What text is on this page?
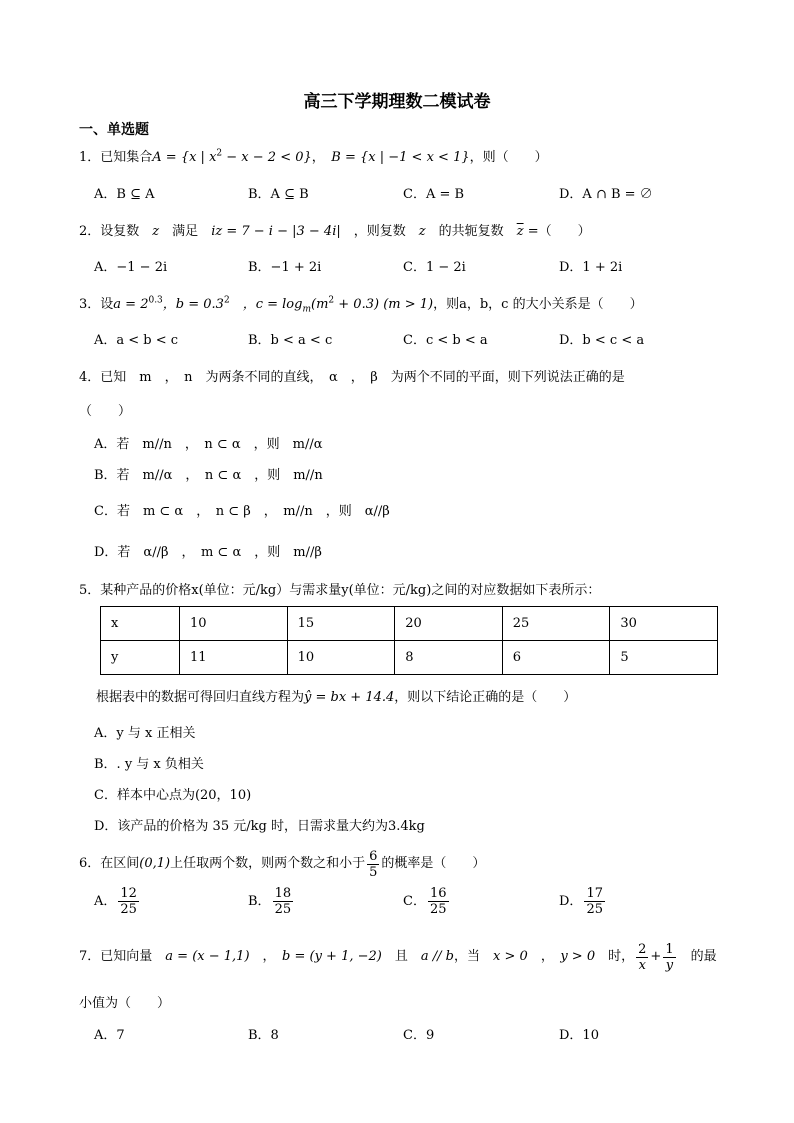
高三下学期理数二模试卷
一、单选题
1．已知集合A = {x | $x^2 - x - 2 < 0$}，　 B = {x | −1 < x < 1}，则（　　）
A．B ⊆ A	B．A ⊆ B	C．A = B	D．A ∩ B = ∅
2．设复数　 z　 满足　 iz = 7 − i − |3 − 4i|　 ，则复数　 z　 的共轭复数　 $\overline{z}$ =（　　）
A．−1 − 2i	B．−1 + 2i	C．1 − 2i	D．1 + 2i
3．设$a = 2^{0.3}$，$b = 0.3^2$　 ，$c = \log_m(m^2 + 0.3) (m > 1)$，则a，b，c 的大小关系是（　　）
A．a < b < c	B．b < a < c	C．c < b < a	D．b < c < a
4．已知　m　，　n　为两条不同的直线，　α　，　β　为两个不同的平面，则下列说法正确的是
（　　）
A．若　m//n　，　n ⊂ α　，则　m//α
B．若　m//α　，　n ⊂ α　，则　m//n
C．若　m ⊂ α　，　n ⊂ β　，　m//n　，则　α//β
D．若　α//β　，　m ⊂ α　，则　m//β
5．某种产品的价格x(单位：元/kg）与需求量y(单位：元/kg)之间的对应数据如下表所示：
x	10	15	20	25	30
y	11	10	8	6	5
根据表中的数据可得回归直线方程为ŷ = bx + 14.4，则以下结论正确的是（　　）
A．y 与 x 正相关
B．. y 与 x 负相关
C．样本中心点为(20，10)
D．该产品的价格为 35 元/kg 时，日需求量大约为3.4kg
6．在区间 (0,1) 上任取两个数，则两个数之和小于 $\frac{6}{5}$ 的概率是（　　）
A． $\frac{12}{25}$	B． $\frac{18}{25}$	C． $\frac{16}{25}$	D． $\frac{17}{25}$
7．已知向量
　 a = (x − 1,1) 　，　 b = (y + 1, −2)
　 且
　 a // b ，当
　 x > 0 　，　 y > 0
　 时， $\frac{2}{x} + \frac{1}{y}$
　 的最
小值为（　　）
A．7	B．8	C．9	D．10
